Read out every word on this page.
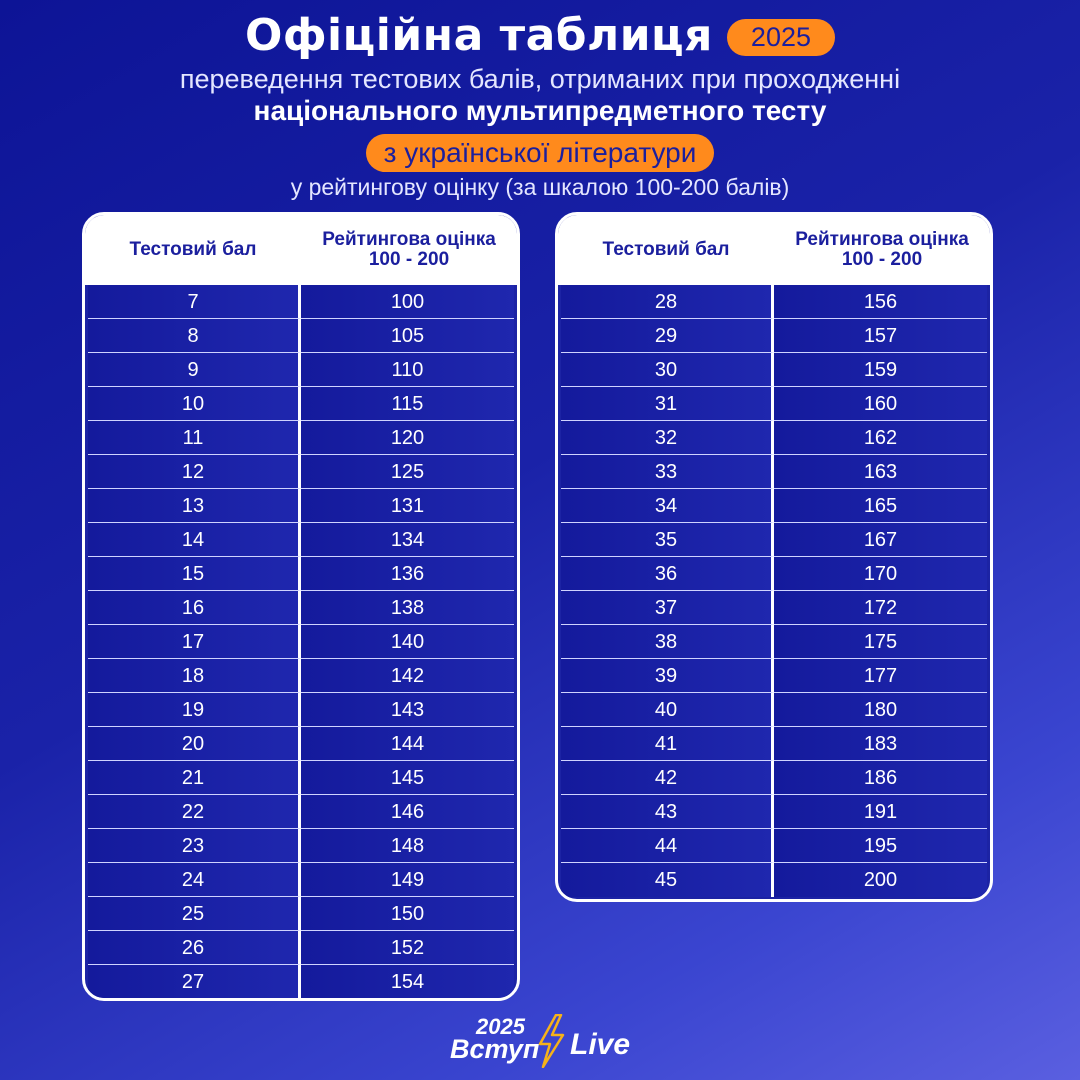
Офіційна таблиця	2025
переведення тестових балів, отриманих при проходженні
національного мультипредметного тесту
з української літератури
у рейтингову оцінку (за шкалою 100-200 балів)
Тестовий бал	Рейтингова оцінка
100 - 200
7	100
8	105
9	110
10	115
11	120
12	125
13	131
14	134
15	136
16	138
17	140
18	142
19	143
20	144
21	145
22	146
23	148
24	149
25	150
26	152
27	154
Тестовий бал	Рейтингова оцінка
100 - 200
28	156
29	157
30	159
31	160
32	162
33	163
34	165
35	167
36	170
37	172
38	175
39	177
40	180
41	183
42	186
43	191
44	195
45	200
2025
Вступ Live
